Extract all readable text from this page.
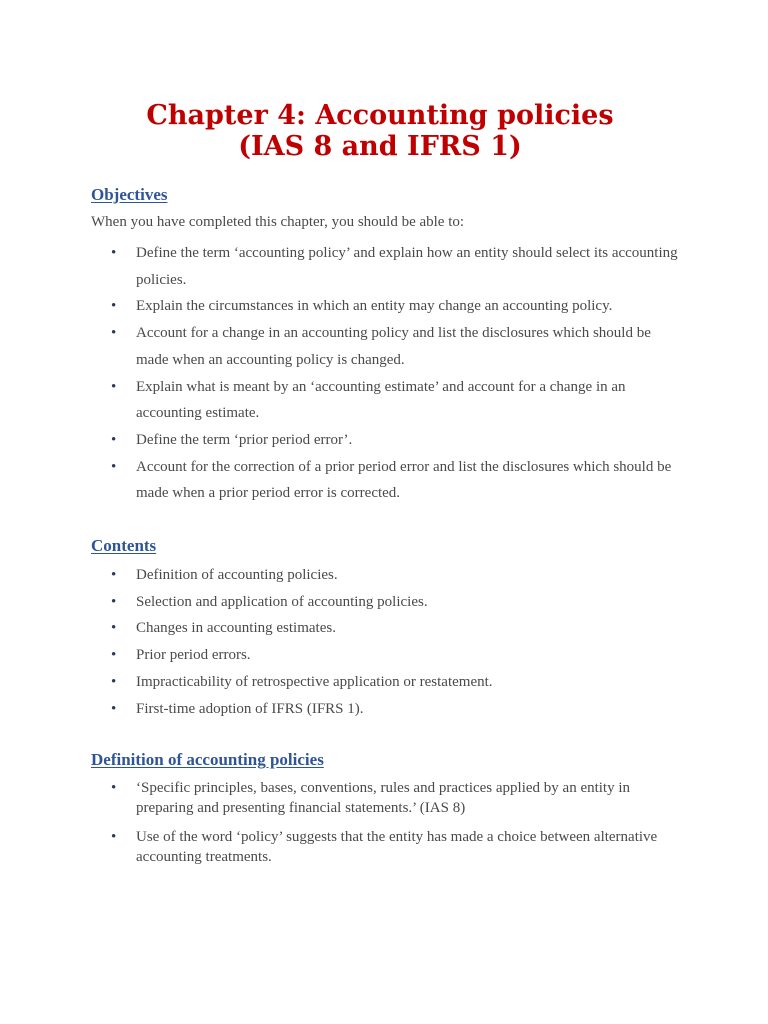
Chapter 4: Accounting policies
(IAS 8 and IFRS 1)
Objectives
When you have completed this chapter, you should be able to:
• Define the term ‘accounting policy’ and explain how an entity should select its accounting policies.
• Explain the circumstances in which an entity may change an accounting policy.
• Account for a change in an accounting policy and list the disclosures which should be made when an accounting policy is changed.
• Explain what is meant by an ‘accounting estimate’ and account for a change in an accounting estimate.
• Define the term ‘prior period error’.
• Account for the correction of a prior period error and list the disclosures which should be made when a prior period error is corrected.
Contents
• Definition of accounting policies.
• Selection and application of accounting policies.
• Changes in accounting estimates.
• Prior period errors.
• Impracticability of retrospective application or restatement.
• First-time adoption of IFRS (IFRS 1).
Definition of accounting policies
• ‘Specific principles, bases, conventions, rules and practices applied by an entity in preparing and presenting financial statements.’ (IAS 8)
• Use of the word ‘policy’ suggests that the entity has made a choice between alternative accounting treatments.
